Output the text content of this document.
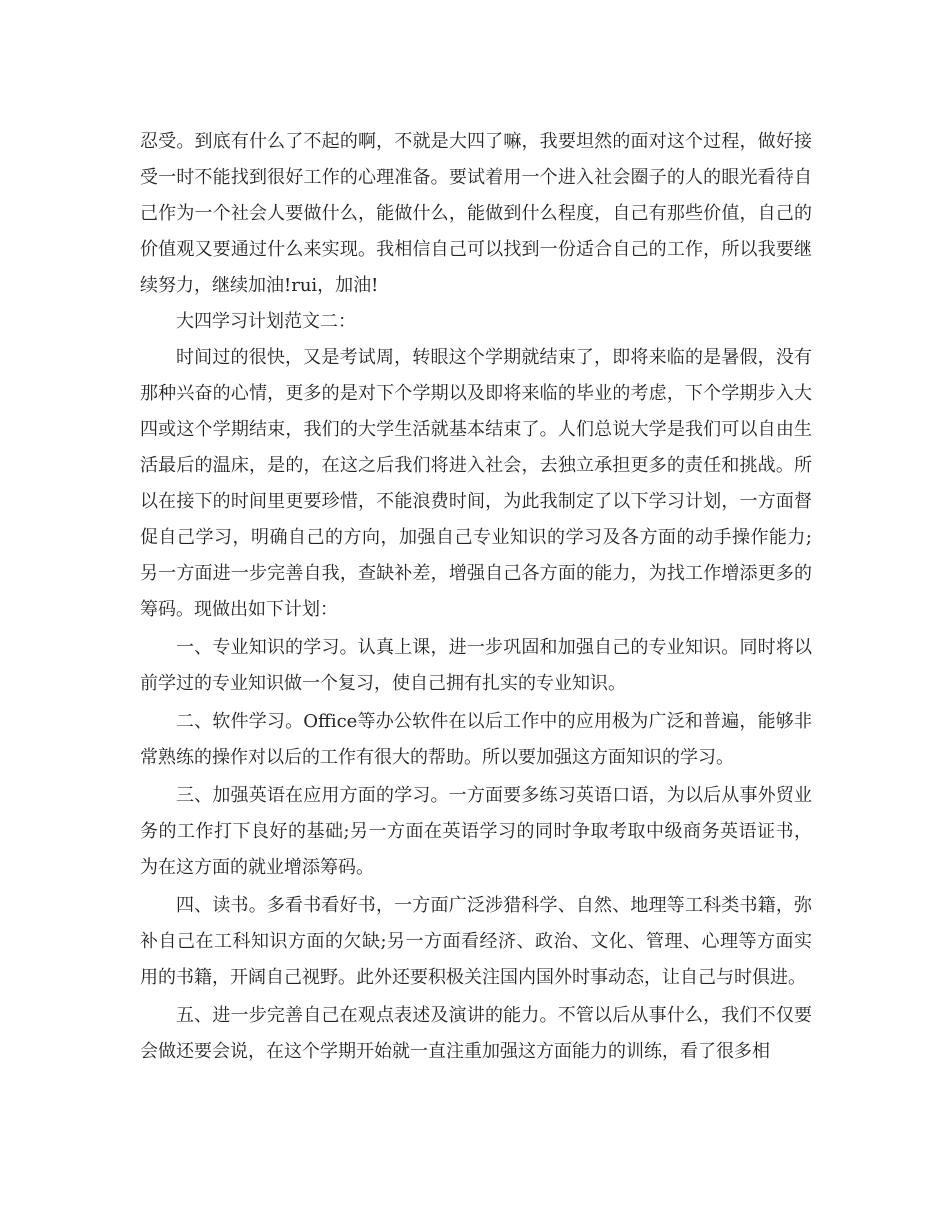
忍受。到底有什么了不起的啊，不就是大四了嘛，我要坦然的面对这个过程，做好接受一时不能找到很好工作的心理准备。要试着用一个进入社会圈子的人的眼光看待自己作为一个社会人要做什么，能做什么，能做到什么程度，自己有那些价值，自己的价值观又要通过什么来实现。我相信自己可以找到一份适合自己的工作，所以我要继续努力，继续加油!rui，加油!

大四学习计划范文二：

时间过的很快，又是考试周，转眼这个学期就结束了，即将来临的是暑假，没有那种兴奋的心情，更多的是对下个学期以及即将来临的毕业的考虑，下个学期步入大四或这个学期结束，我们的大学生活就基本结束了。人们总说大学是我们可以自由生活最后的温床，是的，在这之后我们将进入社会，去独立承担更多的责任和挑战。所以在接下的时间里更要珍惜，不能浪费时间，为此我制定了以下学习计划，一方面督促自己学习，明确自己的方向，加强自己专业知识的学习及各方面的动手操作能力;另一方面进一步完善自我，查缺补差，增强自己各方面的能力，为找工作增添更多的筹码。现做出如下计划：

一、专业知识的学习。认真上课，进一步巩固和加强自己的专业知识。同时将以前学过的专业知识做一个复习，使自己拥有扎实的专业知识。

二、软件学习。Office等办公软件在以后工作中的应用极为广泛和普遍，能够非常熟练的操作对以后的工作有很大的帮助。所以要加强这方面知识的学习。

三、加强英语在应用方面的学习。一方面要多练习英语口语，为以后从事外贸业务的工作打下良好的基础;另一方面在英语学习的同时争取考取中级商务英语证书，为在这方面的就业增添筹码。

四、读书。多看书看好书，一方面广泛涉猎科学、自然、地理等工科类书籍，弥补自己在工科知识方面的欠缺;另一方面看经济、政治、文化、管理、心理等方面实用的书籍，开阔自己视野。此外还要积极关注国内国外时事动态，让自己与时俱进。

五、进一步完善自己在观点表述及演讲的能力。不管以后从事什么，我们不仅要会做还要会说，在这个学期开始就一直注重加强这方面能力的训练，看了很多相
